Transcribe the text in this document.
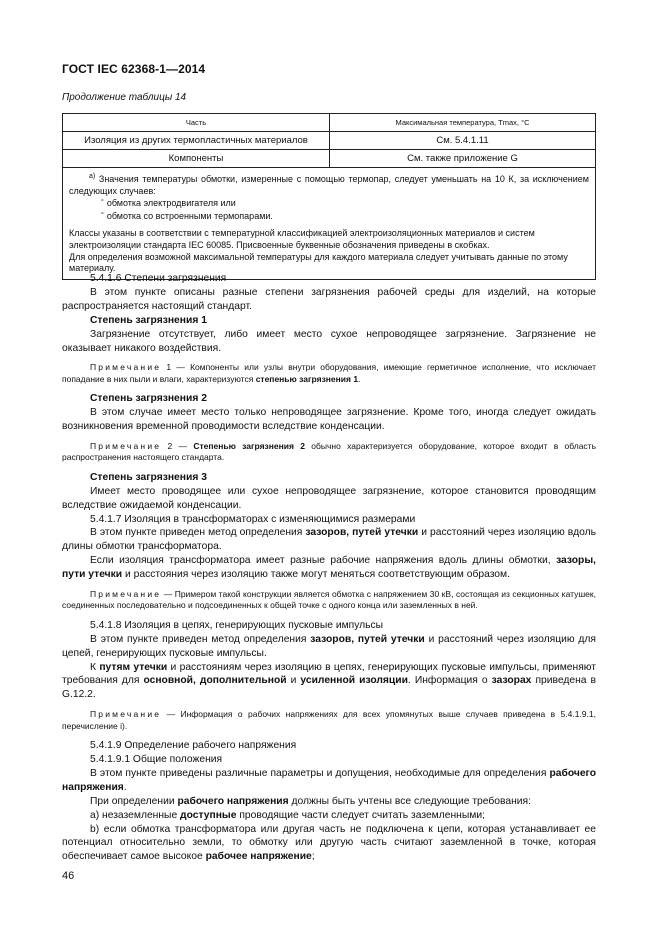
ГОСТ IEC 62368-1—2014
Продолжение таблицы 14
Часть	Максимальная температура, Tmax, °С
Изоляция из других термопластичных материалов	См. 5.4.1.11
Компоненты	См. также приложение G

$^{а)}$ Значения температуры обмотки, измеренные с помощью термопар, следует уменьшать на 10 К, за исключением следующих случаев:

° обмотка электродвигателя или

° обмотка со встроенными термопарами.

Классы указаны в соответствии с температурной классификацией электроизоляционных материалов и систем электроизоляции стандарта IEC 60085. Присвоенные буквенные обозначения приведены в скобках.

Для определения возможной максимальной температуры для каждого материала следует учитывать данные по этому материалу.	

5.4.1.6 Степени загрязнения

В этом пункте описаны разные степени загрязнения рабочей среды для изделий, на которые распространяется настоящий стандарт.

Степень загрязнения 1

Загрязнение отсутствует, либо имеет место сухое непроводящее загрязнение. Загрязнение не оказывает никакого воздействия.

Примечание 1 — Компоненты или узлы внутри оборудования, имеющие герметичное исполнение, что исключает попадание в них пыли и влаги, характеризуются степенью загрязнения 1.

Степень загрязнения 2

В этом случае имеет место только непроводящее загрязнение. Кроме того, иногда следует ожидать возникновения временной проводимости вследствие конденсации.

Примечание 2 — Степенью загрязнения 2 обычно характеризуется оборудование, которое входит в область распространения настоящего стандарта.

Степень загрязнения 3

Имеет место проводящее или сухое непроводящее загрязнение, которое становится проводящим вследствие ожидаемой конденсации.

5.4.1.7 Изоляция в трансформаторах с изменяющимися размерами

В этом пункте приведен метод определения зазоров, путей утечки и расстояний через изоляцию вдоль длины обмотки трансформатора.

Если изоляция трансформатора имеет разные рабочие напряжения вдоль длины обмотки, зазоры, пути утечки и расстояния через изоляцию также могут меняться соответствующим образом.

Примечание — Примером такой конструкции является обмотка с напряжением 30 кВ, состоящая из секционных катушек, соединенных последовательно и подсоединенных к общей точке с одного конца или заземленных в ней.

5.4.1.8 Изоляция в цепях, генерирующих пусковые импульсы

В этом пункте приведен метод определения зазоров, путей утечки и расстояний через изоляцию для цепей, генерирующих пусковые импульсы.

К путям утечки и расстояниям через изоляцию в цепях, генерирующих пусковые импульсы, применяют требования для основной, дополнительной и усиленной изоляции. Информация о зазорах приведена в G.12.2.

Примечание — Информация о рабочих напряжениях для всех упомянутых выше случаев приведена в 5.4.1.9.1, перечисление i).

5.4.1.9 Определение рабочего напряжения

5.4.1.9.1 Общие положения

В этом пункте приведены различные параметры и допущения, необходимые для определения рабочего напряжения.

При определении рабочего напряжения должны быть учтены все следующие требования:

а) незаземленные доступные проводящие части следует считать заземленными;

b) если обмотка трансформатора или другая часть не подключена к цепи, которая устанавливает ее потенциал относительно земли, то обмотку или другую часть считают заземленной в точке, которая обеспечивает самое высокое рабочее напряжение;

46
